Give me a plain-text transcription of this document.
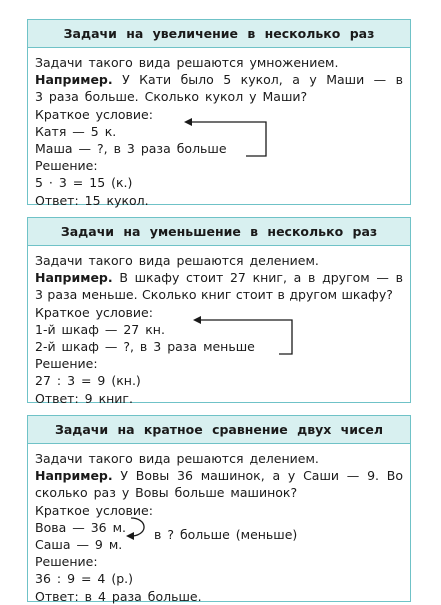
Задачи на увеличение в несколько раз
Задачи такого вида решаются умножением.
Например. У Кати было 5 кукол, а у Маши — в
3 раза больше. Сколько кукол у Маши?
Краткое условие:
Катя — 5 к.
Маша — ?, в 3 раза больше
Решение:
5 · 3 = 15 (к.)
Ответ: 15 кукол.
Задачи на уменьшение в несколько раз
Задачи такого вида решаются делением.
Например. В шкафу стоит 27 книг, а в другом — в
3 раза меньше. Сколько книг стоит в другом шкафу?
Краткое условие:
1-й шкаф — 27 кн.
2-й шкаф — ?, в 3 раза меньше
Решение:
27 : 3 = 9 (кн.)
Ответ: 9 книг.
Задачи на кратное сравнение двух чисел
Задачи такого вида решаются делением.
Например. У Вовы 36 машинок, а у Саши — 9. Во
сколько раз у Вовы больше машинок?
Краткое условие:
Вова — 36 м.
Саша — 9 м.
Решение:
36 : 9 = 4 (р.)
Ответ: в 4 раза больше.
в ? больше (меньше)
